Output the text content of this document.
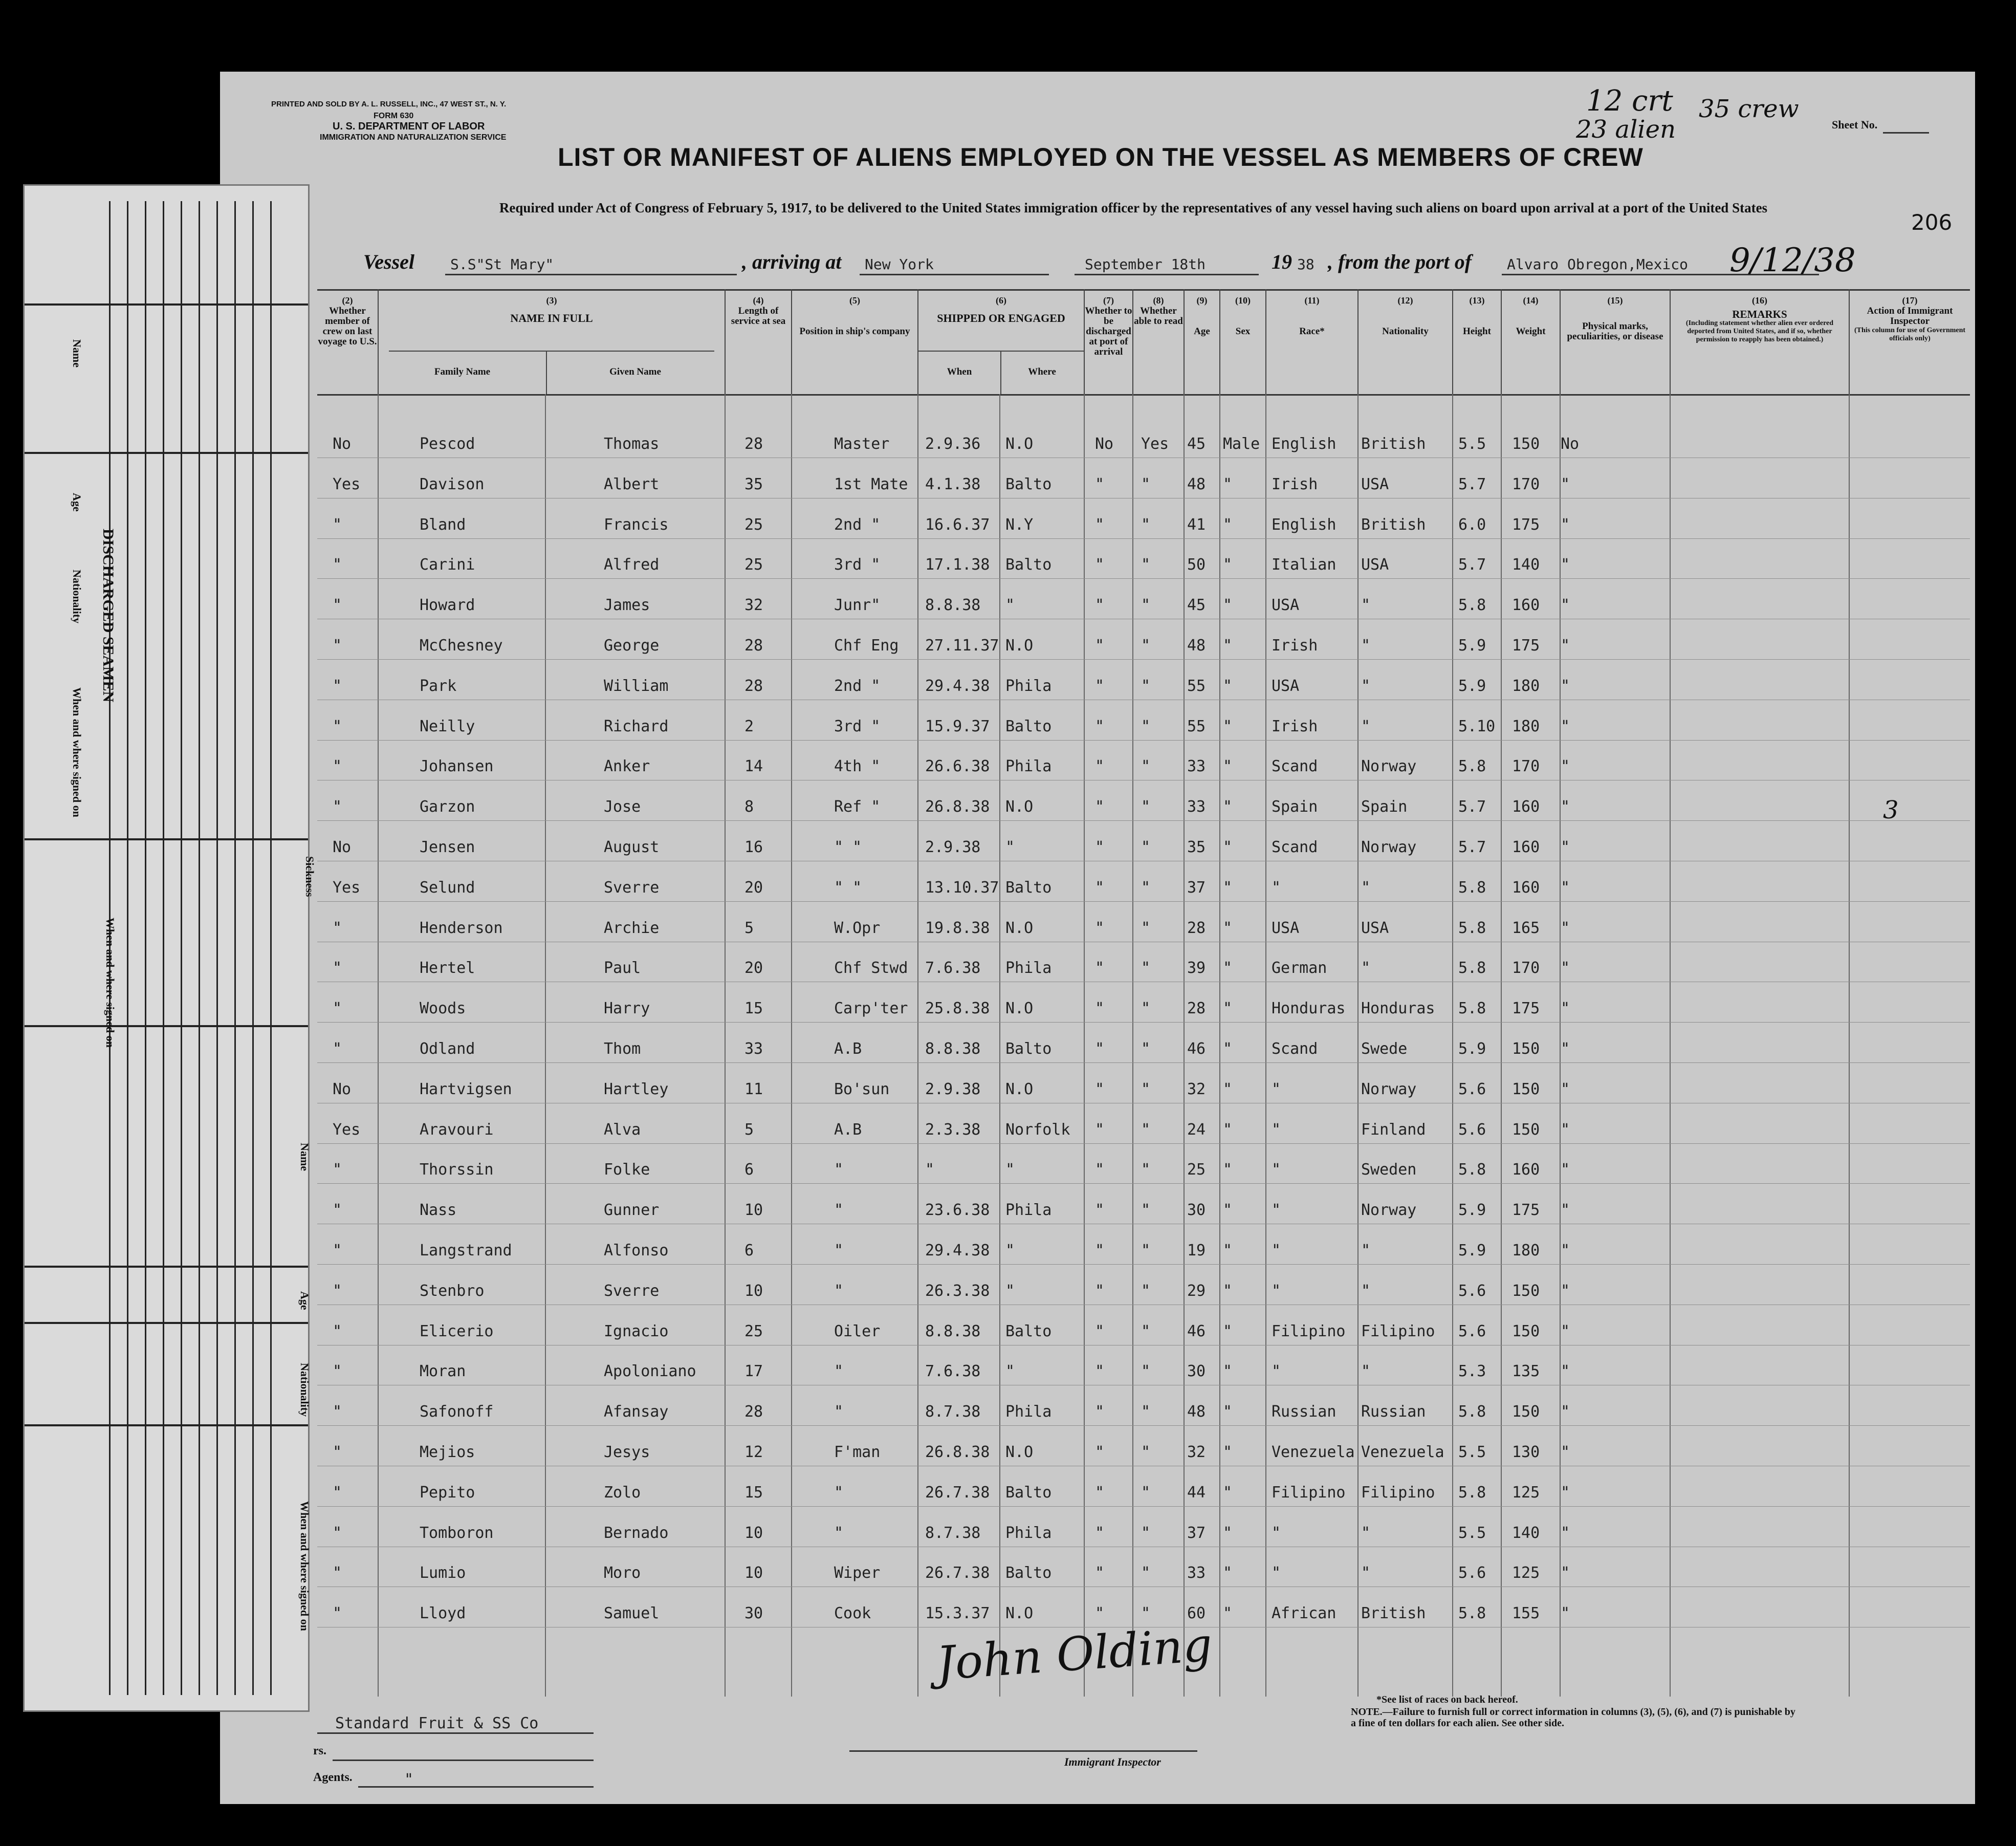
PRINTED AND SOLD BY A. L. RUSSELL, INC., 47 WEST ST., N. Y.
FORM 630
U. S. DEPARTMENT OF LABOR
IMMIGRATION AND NATURALIZATION SERVICE
12 crt
23 alien
35 crew
Sheet No.
LIST OR MANIFEST OF ALIENS EMPLOYED ON THE VESSEL AS MEMBERS OF CREW
Required under Act of Congress of February 5, 1917, to be delivered to the United States immigration officer by the representatives of any vessel having such aliens on board upon arrival at a port of the United States
206
Vessel	S.S"St Mary"	, arriving at New York	September 18th	19 38 , from the port of Alvaro Obregon,Mexico 9/12/38
(2)
Whether member of crew on last voyage to U.S.
(3)
NAME IN FULL
Family Name	Given Name
(4)
Length of service at sea
(5)
Position in ship's company
(6)
SHIPPED OR ENGAGED
When	Where
(7)
Whether to be discharged at port of arrival
(8)
Whether able to read
(9)
Age
(10)
Sex
(11)
Race*
(12)
Nationality
(13)
Height
(14)
Weight
(15)
Physical marks, peculiarities, or disease
(16)
REMARKS
(Including statement whether alien ever ordered deported from United States, and if so, whether permission to reapply has been obtained.)
(17)
Action of Immigrant Inspector
(This column for use of Government officials only)
No	Pescod	Thomas	28	Master 2.9.36 N.O	No Yes 45 Male English British 5.5 150 No
Yes	Davison	Albert	35	1st Mate 4.1.38 Balto	" " 48 "	Irish	USA	5.7 170 "
"	Bland	Francis	25	2nd "	16.6.37 N.Y	" " 41 "	English British 6.0 175 "
"	Carini	Alfred	25	3rd "	17.1.38 Balto	" " 50 "	Italian USA	5.7 140 "
"	Howard	James	32	Junr"	8.8.38 "	" " 45 "	USA	"	5.8 160 "
"	McChesney	George	28	Chf Eng 27.11.37 N.O	" " 48 "	Irish	"	5.9 175 "
"	Park	William	28	2nd "	29.4.38 Phila	" " 55 "	USA	"	5.9 180 "
"	Neilly	Richard	2	3rd "	15.9.37 Balto	" " 55 "	Irish	"	5.10 180 "
"	Johansen	Anker	14	4th "	26.6.38 Phila	" " 33 "	Scand	Norway	5.8 170 "
"	Garzon	Jose	8	Ref "	26.8.38 N.O	" " 33 "	Spain	Spain	5.7 160 "
No	Jensen	August	16	" "	2.9.38 "	" " 35 "	Scand	Norway	5.7 160 "
Yes	Selund	Sverre	20	" "	13.10.37 Balto	" " 37 "	"	"	5.8 160 "
"	Henderson	Archie	5	W.Opr	19.8.38 N.O	" " 28 "	USA	USA	5.8 165 "
"	Hertel	Paul	20	Chf Stwd 7.6.38 Phila	" " 39 "	German "	5.8 170 "
"	Woods	Harry	15	Carp'ter 25.8.38 N.O	" " 28 "	Honduras Honduras 5.8 175 "
"	Odland	Thom	33	A.B	8.8.38 Balto	" " 46 "	Scand	Swede	5.9 150 "
No	Hartvigsen	Hartley	11	Bo'sun 2.9.38 N.O	" " 32 "	"	Norway	5.6 150 "
Yes	Aravouri	Alva	5	A.B	2.3.38 Norfolk " " 24 "	"	Finland 5.6 150 "
"	Thorssin	Folke	6	"	"	"	" " 25 "	"	Sweden	5.8 160 "
"	Nass	Gunner	10	"	23.6.38 Phila	" " 30 "	"	Norway	5.9 175 "
"	Langstrand	Alfonso	6	"	29.4.38 "	" " 19 "	"	"	5.9 180 "
"	Stenbro	Sverre	10	"	26.3.38 "	" " 29 "	"	"	5.6 150 "
"	Elicerio	Ignacio	25	Oiler	8.8.38 Balto	" " 46 "	Filipino Filipino 5.6 150 "
"	Moran	Apoloniano	17	"	7.6.38 "	" " 30 "	"	"	5.3 135 "
"	Safonoff	Afansay	28	"	8.7.38 Phila	" " 48 "	Russian Russian 5.8 150 "
"	Mejios	Jesys	12	F'man	26.8.38 N.O	" " 32 "	Venezuela Venezuela 5.5 130 "
"	Pepito	Zolo	15	"	26.7.38 Balto	" " 44 "	Filipino Filipino 5.8 125 "
"	Tomboron	Bernado	10	"	8.7.38 Phila	" " 37 "	"	"	5.5 140 "
"	Lumio	Moro	10	Wiper	26.7.38 Balto	" " 33 "	"	"	5.6 125 "
"	Lloyd	Samuel	30	Cook	15.3.37 N.O	" " 60 "	African British 5.8 155 "
3
Standard Fruit & SS Co
rs.
Agents.	"
John Olding
Immigrant Inspector
*See list of races on back hereof.
NOTE.—Failure to furnish full or correct information in columns (3), (5), (6), and (7) is punishable by a fine of ten dollars for each alien. See other side.
Name
Age
Nationality
When and where signed on
DISCHARGED SEAMEN
Sickness
Name
Age
Nationality
When and where signed on
When and where signed on
